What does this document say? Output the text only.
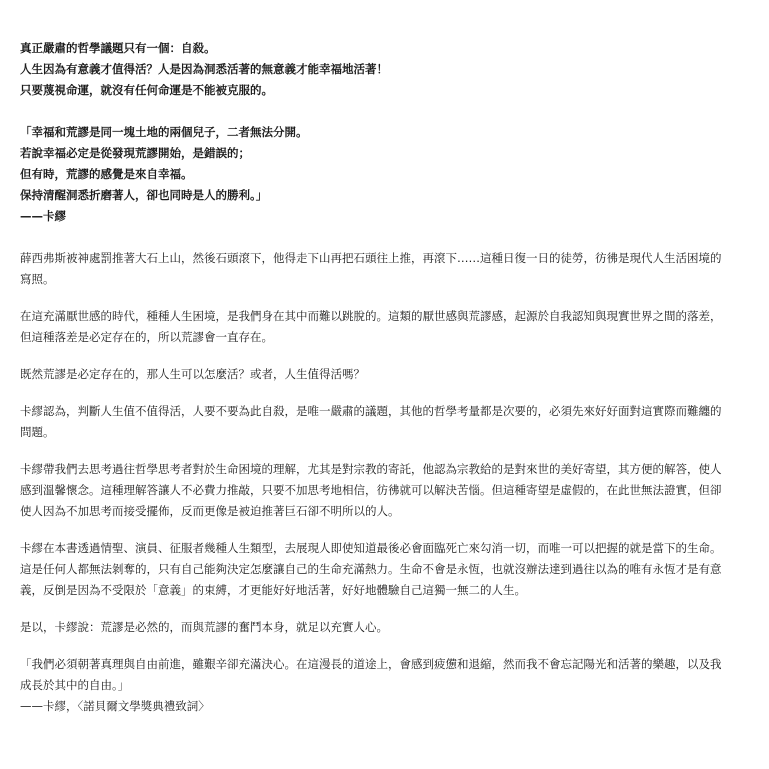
真正嚴肅的哲學議題只有一個：自殺。
人生因為有意義才值得活？人是因為洞悉活著的無意義才能幸福地活著！
只要蔑視命運，就沒有任何命運是不能被克服的。
「幸福和荒謬是同一塊土地的兩個兒子，二者無法分開。
若說幸福必定是從發現荒謬開始，是錯誤的；
但有時，荒謬的感覺是來自幸福。
保持清醒洞悉折磨著人，卻也同時是人的勝利。」
——卡繆

薛西弗斯被神處罰推著大石上山，然後石頭滾下，他得走下山再把石頭往上推，再滾下……這種日復一日的徒勞，彷彿是現代人生活困境的寫照。

在這充滿厭世感的時代，種種人生困境，是我們身在其中而難以跳脫的。這類的厭世感與荒謬感，起源於自我認知與現實世界之間的落差，但這種落差是必定存在的，所以荒謬會一直存在。

既然荒謬是必定存在的，那人生可以怎麼活？或者，人生值得活嗎？

卡繆認為，判斷人生值不值得活，人要不要為此自殺，是唯一嚴肅的議題，其他的哲學考量都是次要的，必須先來好好面對這實際而難纏的問題。

卡繆帶我們去思考過往哲學思考者對於生命困境的理解，尤其是對宗教的寄託，他認為宗教給的是對來世的美好寄望，其方便的解答，使人感到溫馨懷念。這種理解答讓人不必費力推敲，只要不加思考地相信，彷彿就可以解決苦惱。但這種寄望是虛假的，在此世無法證實，但卻使人因為不加思考而接受擺佈，反而更像是被迫推著巨石卻不明所以的人。

卡繆在本書透過情聖、演員、征服者幾種人生類型，去展現人即使知道最後必會面臨死亡來勾消一切，而唯一可以把握的就是當下的生命。這是任何人都無法剝奪的，只有自己能夠決定怎麼讓自己的生命充滿熱力。生命不會是永恆，也就沒辦法達到過往以為的唯有永恆才是有意義，反倒是因為不受限於「意義」的束縛，才更能好好地活著，好好地體驗自己這獨一無二的人生。

是以，卡繆說：荒謬是必然的，而與荒謬的奮鬥本身，就足以充實人心。

「我們必須朝著真理與自由前進，雖艱辛卻充滿決心。在這漫長的道途上，會感到疲憊和退縮，然而我不會忘記陽光和活著的樂趣，以及我成長於其中的自由。」

——卡繆，〈諾貝爾文學獎典禮致詞〉
